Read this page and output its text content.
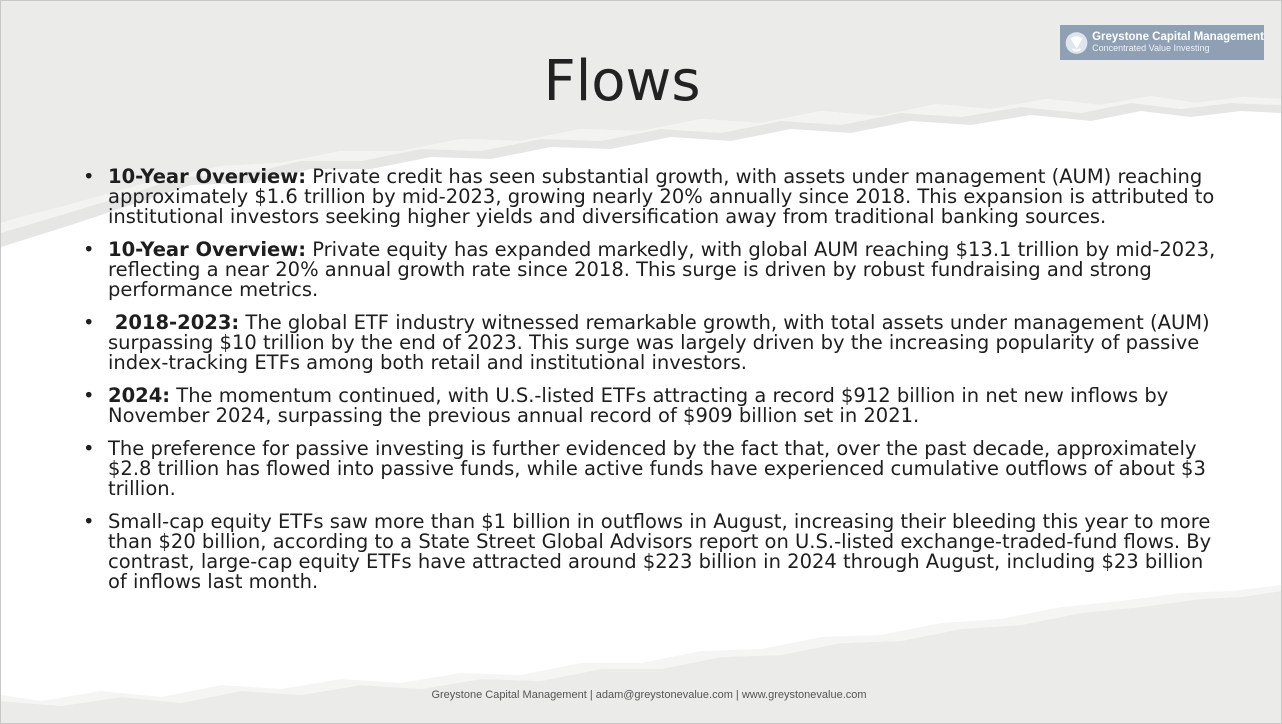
Greystone Capital Management
Concentrated Value Investing
Flows
• 10-Year Overview: Private credit has seen substantial growth, with assets under management (AUM) reaching approximately $1.6 trillion by mid-2023, growing nearly 20% annually since 2018. This expansion is attributed to institutional investors seeking higher yields and diversification away from traditional banking sources.
• 10-Year Overview: Private equity has expanded markedly, with global AUM reaching $13.1 trillion by mid-2023, reflecting a near 20% annual growth rate since 2018. This surge is driven by robust fundraising and strong performance metrics.
• 2018-2023: The global ETF industry witnessed remarkable growth, with total assets under management (AUM) surpassing $10 trillion by the end of 2023. This surge was largely driven by the increasing popularity of passive index-tracking ETFs among both retail and institutional investors.
• 2024: The momentum continued, with U.S.-listed ETFs attracting a record $912 billion in net new inflows by November 2024, surpassing the previous annual record of $909 billion set in 2021.
• The preference for passive investing is further evidenced by the fact that, over the past decade, approximately $2.8 trillion has flowed into passive funds, while active funds have experienced cumulative outflows of about $3 trillion.
• Small-cap equity ETFs saw more than $1 billion in outflows in August, increasing their bleeding this year to more than $20 billion, according to a State Street Global Advisors report on U.S.-listed exchange-traded-fund flows. By contrast, large-cap equity ETFs have attracted around $223 billion in 2024 through August, including $23 billion of inflows last month.
Greystone Capital Management | adam@greystonevalue.com | www.greystonevalue.com
